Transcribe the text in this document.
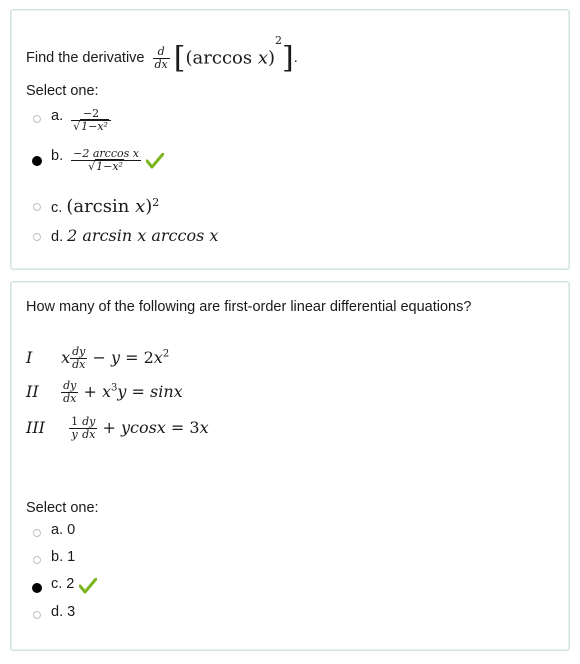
Find the derivative $\frac{d}{dx} [(\arccos$ x)$^2$].
Select one:
a. $\frac{-2}{\text{√1−x²}}$
b. $\frac{\text{−2 arccos x}}{\text{√1−x²}}$
c. (arcsin x)$^2$
d. 2 arcsin x arccos x
How many of the following are first-order linear differential equations?
I x $\frac{dy}{dx} - y = 2x^2$
II $\frac{dy}{dx} + x^3y = \sin x$
III $\frac{1}{y} \frac{dy}{dx} + ycosx = 3x$
Select one:
a. 0
b. 1
c. 2
d. 3
